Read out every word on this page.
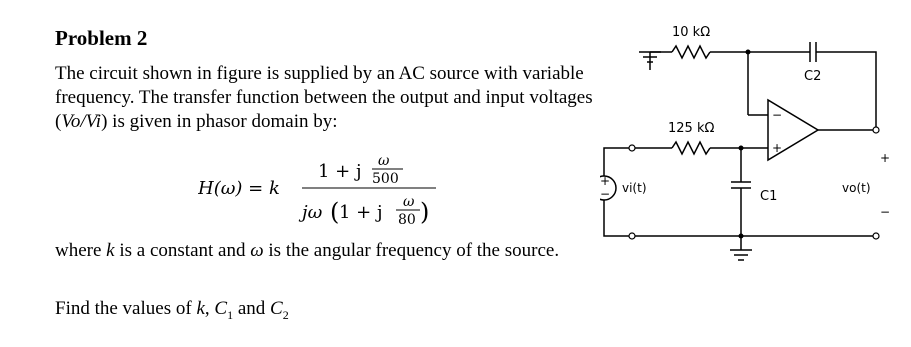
Problem 2
The circuit shown in figure is supplied by an AC source with variable frequency. The transfer function between the output and input voltages (Vo/Vi) is given in phasor domain by:
H(ω) = k
1 + j ω
500
jω ( 1 + j ω
80 )
where k is a constant and ω is the angular frequency of the source.
Find the values of k, $C_1$ and $C_2$
10 kΩ
125 kΩ
C2
C1
vi(t)	vo(t)
+
−
+
−
−
+
